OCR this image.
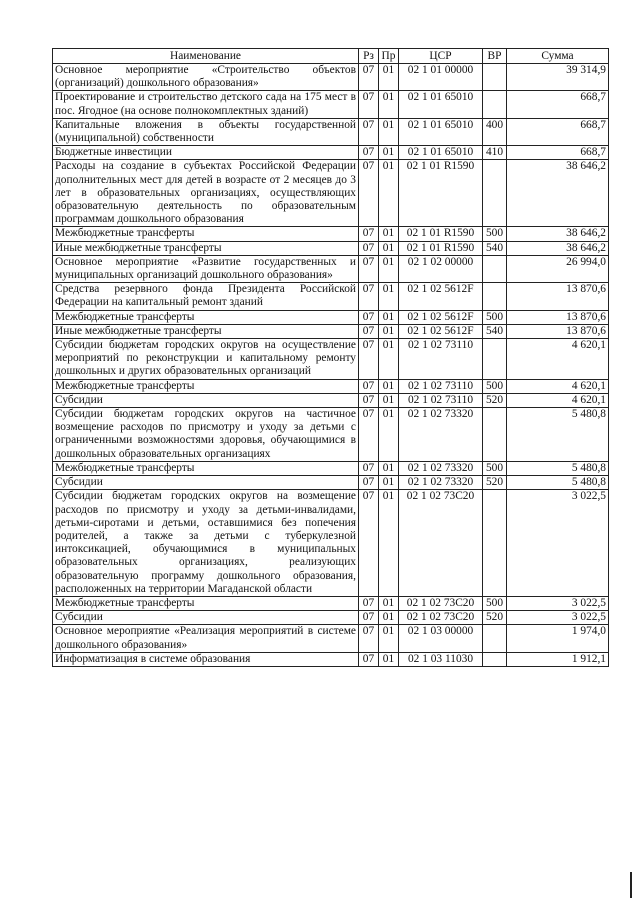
Наименование	Рз	Пр	ЦСР	ВР	Сумма
Основное мероприятие «Строительство объектов (организаций) дошкольного образования»	07	01	02 1 01 00000		39 314,9
Проектирование и строительство детского сада на 175 мест в пос. Ягодное (на основе полнокомплектных зданий)	07	01	02 1 01 65010		668,7
Капитальные вложения в объекты государственной (муниципальной) собственности	07	01	02 1 01 65010	400	668,7
Бюджетные инвестиции	07	01	02 1 01 65010	410	668,7
Расходы на создание в субъектах Российской Федерации дополнительных мест для детей в возрасте от 2 месяцев до 3 лет в образовательных организациях, осуществляющих образовательную деятельность по образовательным программам дошкольного образования	07	01	02 1 01 R1590		38 646,2
Межбюджетные трансферты	07	01	02 1 01 R1590	500	38 646,2
Иные межбюджетные трансферты	07	01	02 1 01 R1590	540	38 646,2
Основное мероприятие «Развитие государственных и муниципальных организаций дошкольного образования»	07	01	02 1 02 00000		26 994,0
Средства резервного фонда Президента Российской Федерации на капитальный ремонт зданий	07	01	02 1 02 5612F		13 870,6
Межбюджетные трансферты	07	01	02 1 02 5612F	500	13 870,6
Иные межбюджетные трансферты	07	01	02 1 02 5612F	540	13 870,6
Субсидии бюджетам городских округов на осуществление мероприятий по реконструкции и капитальному ремонту дошкольных и других образовательных организаций	07	01	02 1 02 73110		4 620,1
Межбюджетные трансферты	07	01	02 1 02 73110	500	4 620,1
Субсидии	07	01	02 1 02 73110	520	4 620,1
Субсидии бюджетам городских округов на частичное возмещение расходов по присмотру и уходу за детьми с ограниченными возможностями здоровья, обучающимися в дошкольных образовательных организациях	07	01	02 1 02 73320		5 480,8
Межбюджетные трансферты	07	01	02 1 02 73320	500	5 480,8
Субсидии	07	01	02 1 02 73320	520	5 480,8
Субсидии бюджетам городских округов на возмещение расходов по присмотру и уходу за детьми-инвалидами, детьми-сиротами и детьми, оставшимися без попечения родителей, а также за детьми с туберкулезной интоксикацией, обучающимися в муниципальных образовательных организациях, реализующих образовательную программу дошкольного образования, расположенных на территории Магаданской области	07	01	02 1 02 73С20		3 022,5
Межбюджетные трансферты	07	01	02 1 02 73С20	500	3 022,5
Субсидии	07	01	02 1 02 73С20	520	3 022,5
Основное мероприятие «Реализация мероприятий в системе дошкольного образования»	07	01	02 1 03 00000		1 974,0
Информатизация в системе образования	07	01	02 1 03 11030		1 912,1
